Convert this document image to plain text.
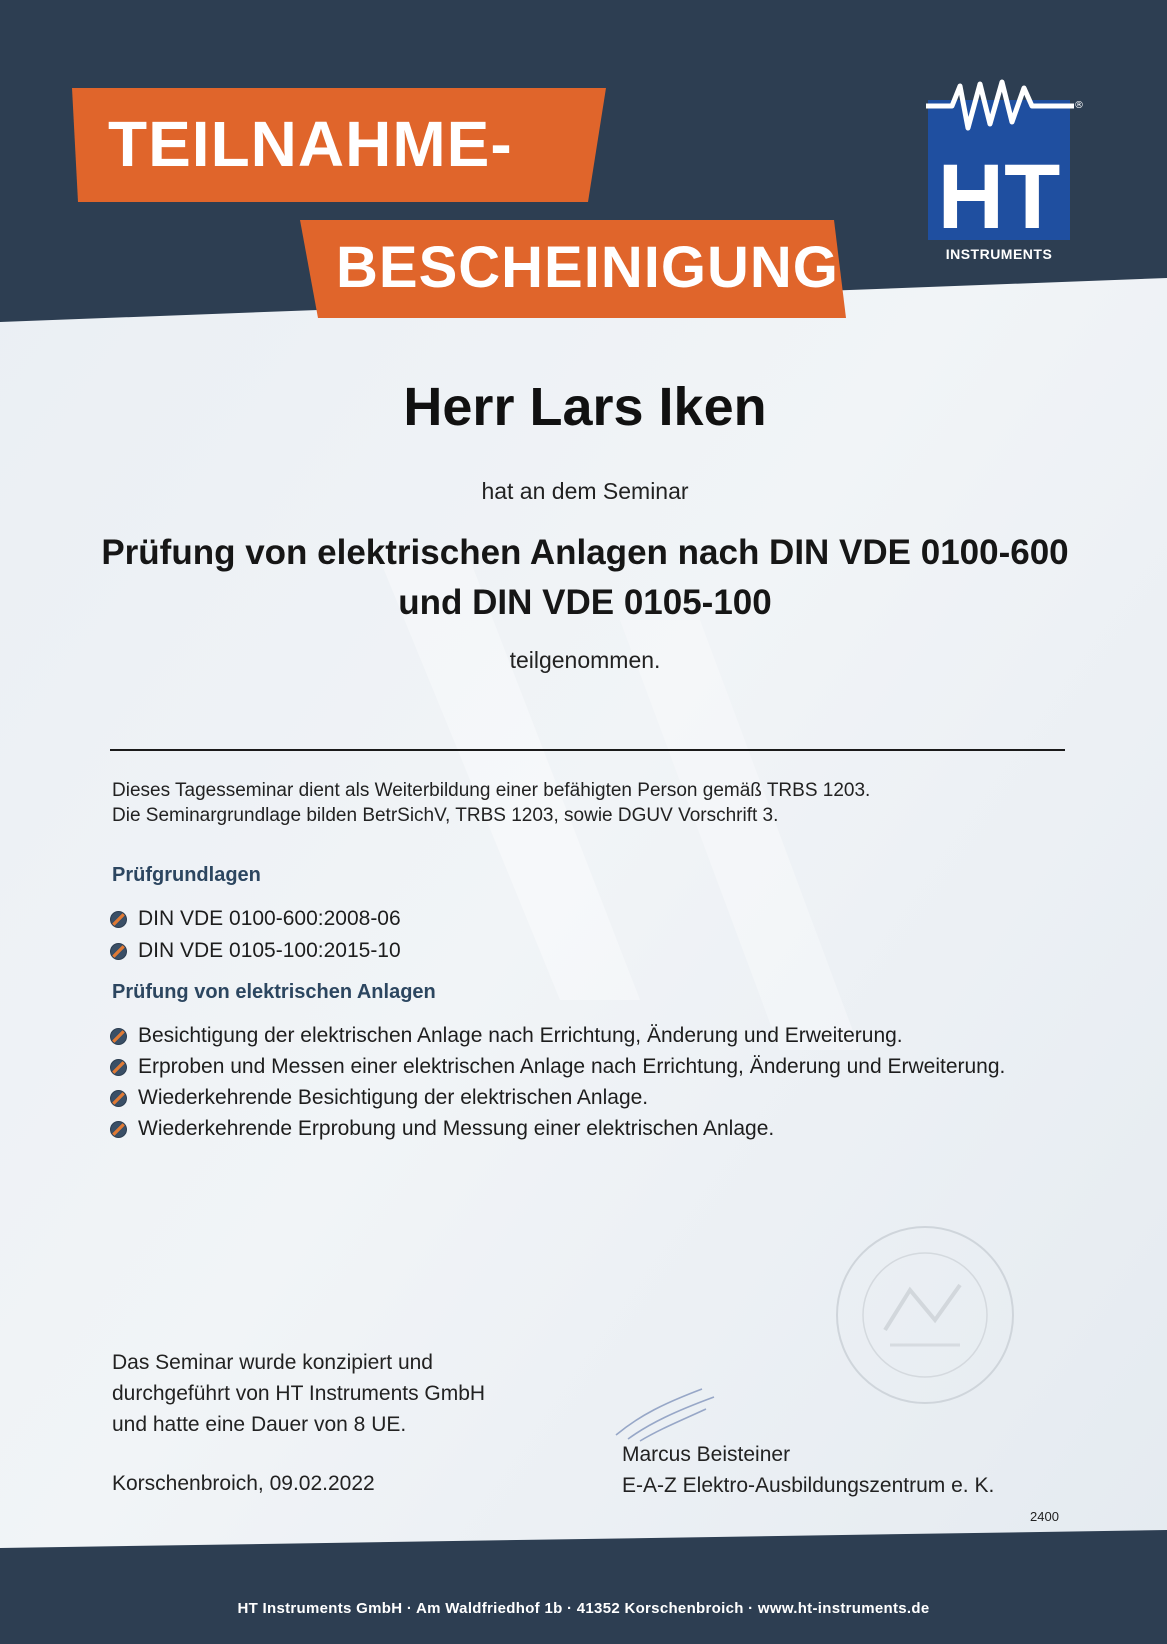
TEILNAHME-
BESCHEINIGUNG
HT
®
INSTRUMENTS
Herr Lars Iken
hat an dem Seminar
Prüfung von elektrischen Anlagen nach DIN VDE 0100-600 und DIN VDE 0105-100
teilgenommen.
Dieses Tagesseminar dient als Weiterbildung einer befähigten Person gemäß TRBS 1203.
Die Seminargrundlage bilden BetrSichV, TRBS 1203, sowie DGUV Vorschrift 3.
Prüfgrundlagen
DIN VDE 0100-600:2008-06
DIN VDE 0105-100:2015-10
Prüfung von elektrischen Anlagen
Besichtigung der elektrischen Anlage nach Errichtung, Änderung und Erweiterung.
Erproben und Messen einer elektrischen Anlage nach Errichtung, Änderung und Erweiterung.
Wiederkehrende Besichtigung der elektrischen Anlage.
Wiederkehrende Erprobung und Messung einer elektrischen Anlage.
Das Seminar wurde konzipiert und
durchgeführt von HT Instruments GmbH
und hatte eine Dauer von 8 UE.
Korschenbroich, 09.02.2022
Marcus Beisteiner
E-A-Z Elektro-Ausbildungszentrum e. K.
2400
HT Instruments GmbH · Am Waldfriedhof 1b · 41352 Korschenbroich · www.ht-instruments.de
